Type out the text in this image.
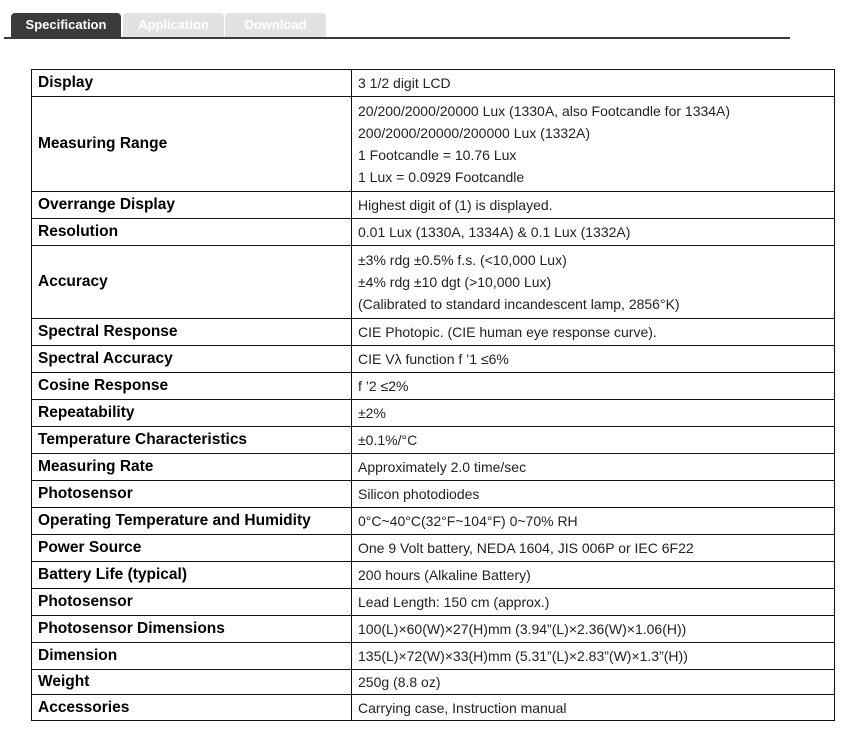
Specification	Application	Download
Display	3 1/2 digit LCD

Measuring Range	20/200/2000/20000 Lux (1330A, also Footcandle for 1334A)
200/2000/20000/200000 Lux (1332A)
1 Footcandle = 10.76 Lux
1 Lux = 0.0929 Footcandle

Overrange Display	Highest digit of (1) is displayed.

Resolution	0.01 Lux (1330A, 1334A) & 0.1 Lux (1332A)

Accuracy	±3% rdg ±0.5% f.s. (<10,000 Lux)
±4% rdg ±10 dgt (>10,000 Lux)
(Calibrated to standard incandescent lamp, 2856°K)

Spectral Response	CIE Photopic. (CIE human eye response curve).

Spectral Accuracy	CIE Vλ function f ’1 ≤6%

Cosine Response	f ’2 ≤2%

Repeatability	±2%

Temperature Characteristics	±0.1%/°C

Measuring Rate	Approximately 2.0 time/sec

Photosensor	Silicon photodiodes

Operating Temperature and Humidity	0°C~40°C(32°F~104°F) 0~70% RH

Power Source	One 9 Volt battery, NEDA 1604, JIS 006P or IEC 6F22

Battery Life (typical)	200 hours (Alkaline Battery)

Photosensor	Lead Length: 150 cm (approx.)

Photosensor Dimensions	100(L)×60(W)×27(H)mm (3.94”(L)×2.36(W)×1.06(H))

Dimension	135(L)×72(W)×33(H)mm (5.31”(L)×2.83”(W)×1.3”(H))

Weight	250g (8.8 oz)

Accessories	Carrying case, Instruction manual
